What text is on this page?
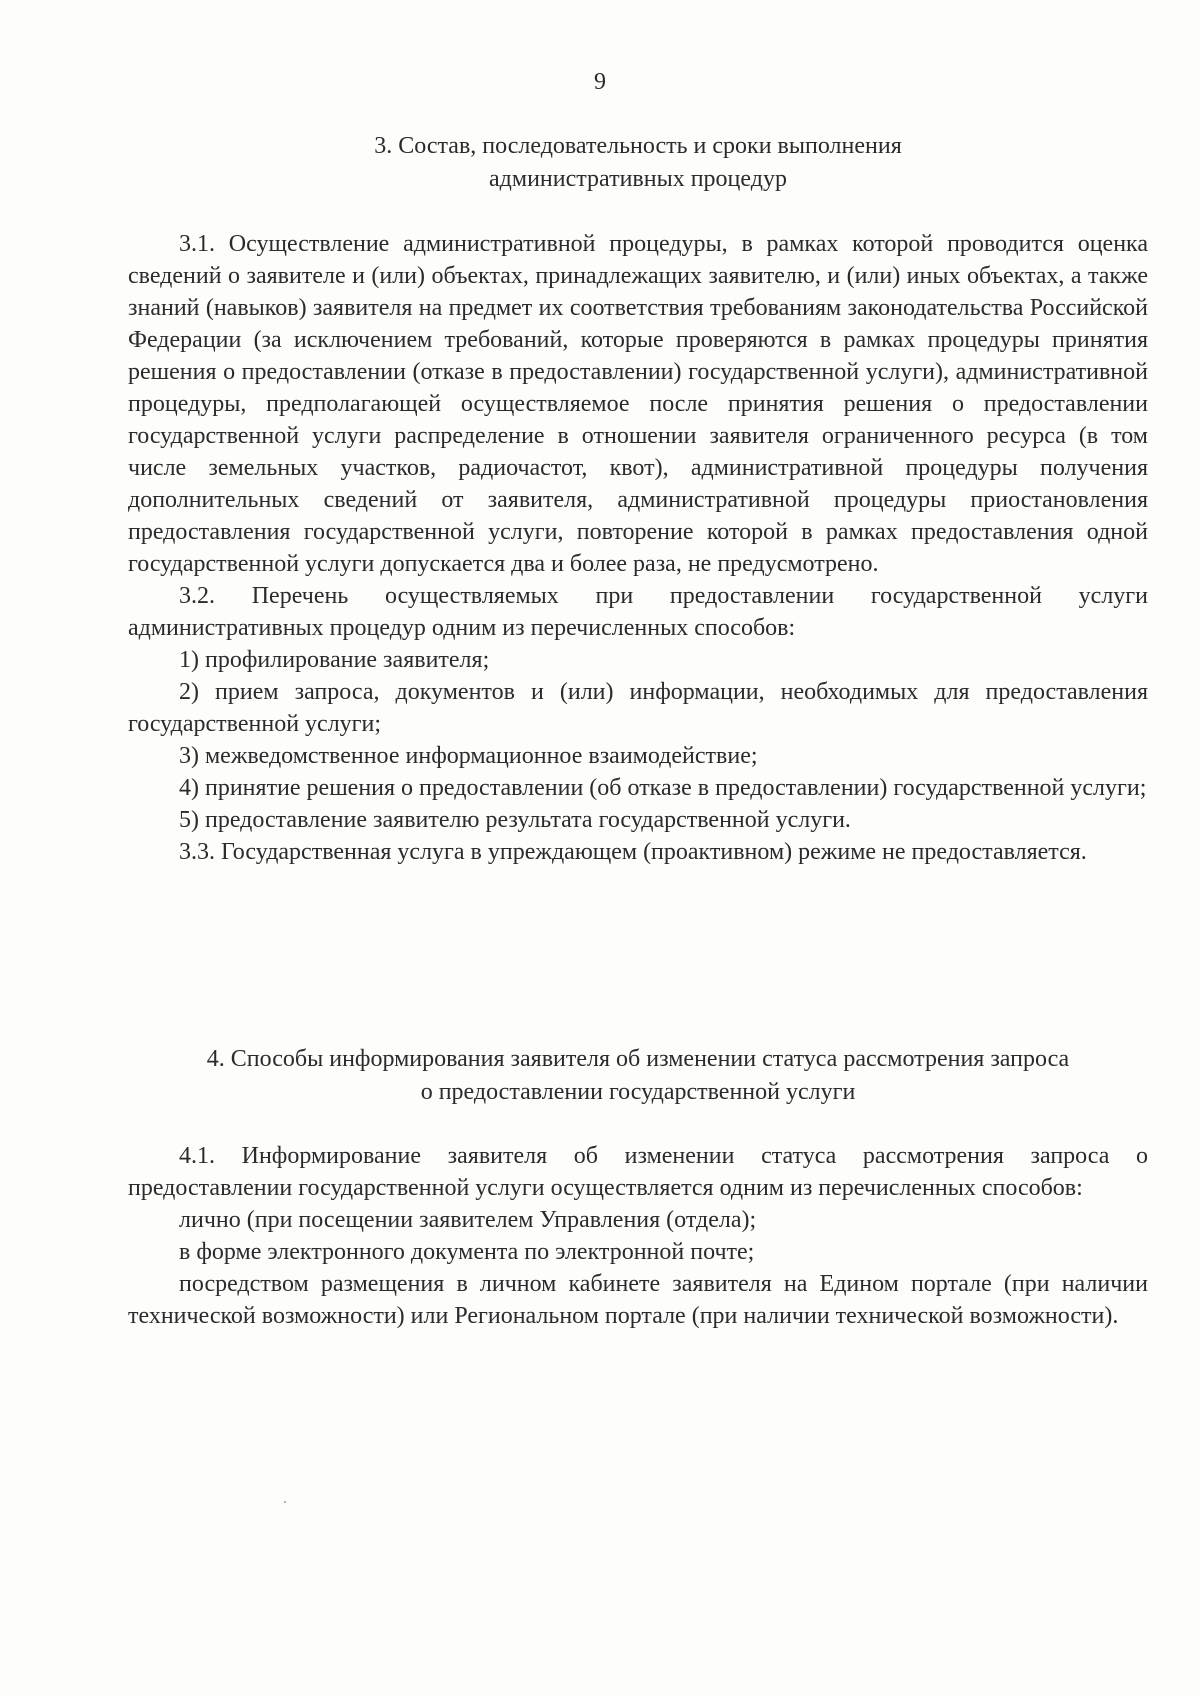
9
3. Состав, последовательность и сроки выполнения
административных процедур

3.1. Осуществление административной процедуры, в рамках которой проводится оценка сведений о заявителе и (или) объектах, принадлежащих заявителю, и (или) иных объектах, а также знаний (навыков) заявителя на предмет их соответствия требованиям законодательства Российской Федерации (за исключением требований, которые проверяются в рамках процедуры принятия решения о предоставлении (отказе в предоставлении) государственной услуги), административной процедуры, предполагающей осуществляемое после принятия решения о предоставлении государственной услуги распределение в отношении заявителя ограниченного ресурса (в том числе земельных участков, радиочастот, квот), административной процедуры получения дополнительных сведений от заявителя, административной процедуры приостановления предоставления государственной услуги, повторение которой в рамках предоставления одной государственной услуги допускается два и более раза, не предусмотрено.

3.2. Перечень осуществляемых при предоставлении государственной услуги административных процедур одним из перечисленных способов:

1) профилирование заявителя;

2) прием запроса, документов и (или) информации, необходимых для предоставления государственной услуги;

3) межведомственное информационное взаимодействие;

4) принятие решения о предоставлении (об отказе в предоставлении) государственной услуги;

5) предоставление заявителю результата государственной услуги.

3.3. Государственная услуга в упреждающем (проактивном) режиме не предоставляется.

4. Способы информирования заявителя об изменении статуса рассмотрения запроса
о предоставлении государственной услуги

4.1. Информирование заявителя об изменении статуса рассмотрения запроса о предоставлении государственной услуги осуществляется одним из перечисленных способов:

лично (при посещении заявителем Управления (отдела);

в форме электронного документа по электронной почте;

посредством размещения в личном кабинете заявителя на Едином портале (при наличии технической возможности) или Региональном портале (при наличии технической возможности).
